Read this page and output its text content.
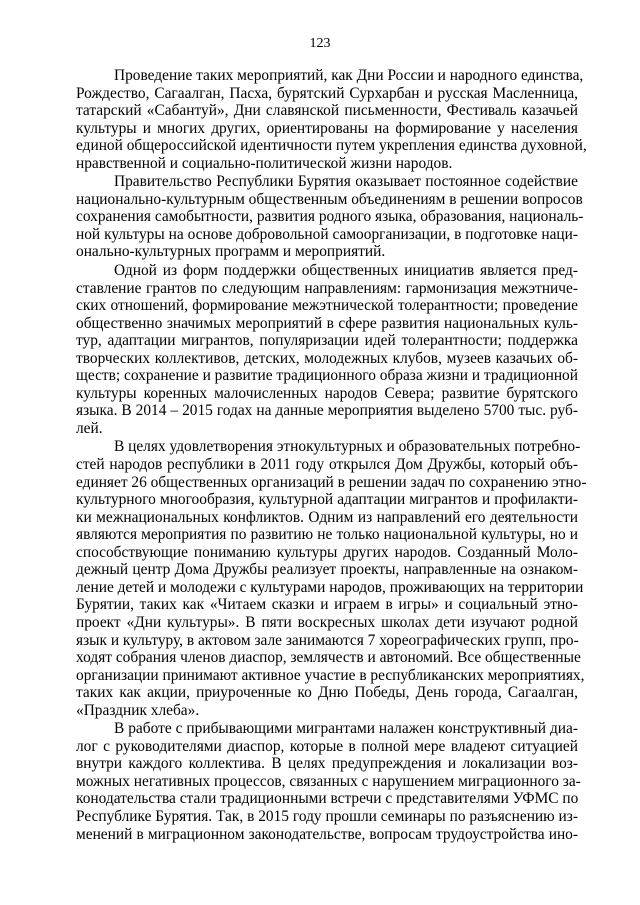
123
Проведение таких мероприятий, как Дни России и народного единства,
Рождество, Сагаалган, Пасха, бурятский Сурхарбан и русская Масленница,
татарский «Сабантуй», Дни славянской письменности, Фестиваль казачьей
культуры и многих других, ориентированы на формирование у населения
единой общероссийской идентичности путем укрепления единства духовной,
нравственной и социально-политической жизни народов.
Правительство Республики Бурятия оказывает постоянное содействие
национально-культурным общественным объединениям в решении вопросов
сохранения самобытности, развития родного языка, образования, националь-
ной культуры на основе добровольной самоорганизации, в подготовке наци-
онально-культурных программ и мероприятий.
Одной из форм поддержки общественных инициатив является пред-
ставление грантов по следующим направлениям: гармонизация межэтниче-
ских отношений, формирование межэтнической толерантности; проведение
общественно значимых мероприятий в сфере развития национальных куль-
тур, адаптации мигрантов, популяризации идей толерантности; поддержка
творческих коллективов, детских, молодежных клубов, музеев казачьих об-
ществ; сохранение и развитие традиционного образа жизни и традиционной
культуры коренных малочисленных народов Севера; развитие бурятского
языка. В 2014 – 2015 годах на данные мероприятия выделено 5700 тыс. руб-
лей.
В целях удовлетворения этнокультурных и образовательных потребно-
стей народов республики в 2011 году открылся Дом Дружбы, который объ-
единяет 26 общественных организаций в решении задач по сохранению этно-
культурного многообразия, культурной адаптации мигрантов и профилакти-
ки межнациональных конфликтов. Одним из направлений его деятельности
являются мероприятия по развитию не только национальной культуры, но и
способствующие пониманию культуры других народов. Созданный Моло-
дежный центр Дома Дружбы реализует проекты, направленные на ознаком-
ление детей и молодежи с культурами народов, проживающих на территории
Бурятии, таких как «Читаем сказки и играем в игры» и социальный этно-
проект «Дни культуры». В пяти воскресных школах дети изучают родной
язык и культуру, в актовом зале занимаются 7 хореографических групп, про-
ходят собрания членов диаспор, землячеств и автономий. Все общественные
организации принимают активное участие в республиканских мероприятиях,
таких как акции, приуроченные ко Дню Победы, День города, Сагаалган,
«Праздник хлеба».
В работе с прибывающими мигрантами налажен конструктивный диа-
лог с руководителями диаспор, которые в полной мере владеют ситуацией
внутри каждого коллектива. В целях предупреждения и локализации воз-
можных негативных процессов, связанных с нарушением миграционного за-
конодательства стали традиционными встречи с представителями УФМС по
Республике Бурятия. Так, в 2015 году прошли семинары по разъяснению из-
менений в миграционном законодательстве, вопросам трудоустройства ино-
